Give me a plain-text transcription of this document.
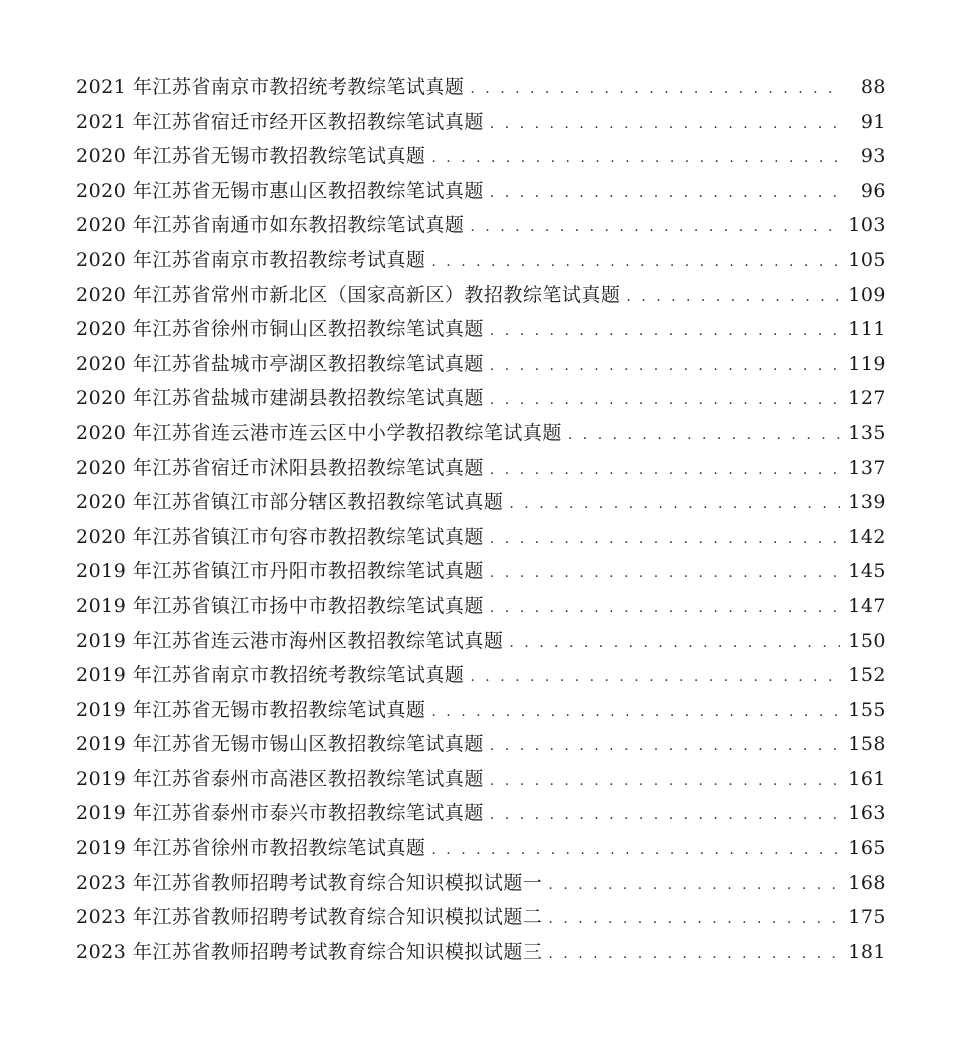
2021 年江苏省南京市教招统考教综笔试真题 . . .	88
2021 年江苏省宿迁市经开区教招教综笔试真题 . . .	91
2020 年江苏省无锡市教招教综笔试真题 . . .	93
2020 年江苏省无锡市惠山区教招教综笔试真题 . . .	96
2020 年江苏省南通市如东教招教综笔试真题 . . .	103
2020 年江苏省南京市教招教综考试真题 . . .	105
2020 年江苏省常州市新北区（国家高新区）教招教综笔试真题 . . .	109
2020 年江苏省徐州市铜山区教招教综笔试真题 . . .	111
2020 年江苏省盐城市亭湖区教招教综笔试真题 . . .	119
2020 年江苏省盐城市建湖县教招教综笔试真题 . . .	127
2020 年江苏省连云港市连云区中小学教招教综笔试真题 . . .	135
2020 年江苏省宿迁市沭阳县教招教综笔试真题 . . .	137
2020 年江苏省镇江市部分辖区教招教综笔试真题 . . .	139
2020 年江苏省镇江市句容市教招教综笔试真题 . . .	142
2019 年江苏省镇江市丹阳市教招教综笔试真题 . . .	145
2019 年江苏省镇江市扬中市教招教综笔试真题 . . .	147
2019 年江苏省连云港市海州区教招教综笔试真题 . . .	150
2019 年江苏省南京市教招统考教综笔试真题 . . .	152
2019 年江苏省无锡市教招教综笔试真题 . . .	155
2019 年江苏省无锡市锡山区教招教综笔试真题 . . .	158
2019 年江苏省泰州市高港区教招教综笔试真题 . . .	161
2019 年江苏省泰州市泰兴市教招教综笔试真题 . . .	163
2019 年江苏省徐州市教招教综笔试真题 . . .	165
2023 年江苏省教师招聘考试教育综合知识模拟试题一 . . .	168
2023 年江苏省教师招聘考试教育综合知识模拟试题二 . . .	175
2023 年江苏省教师招聘考试教育综合知识模拟试题三 . . .	181
